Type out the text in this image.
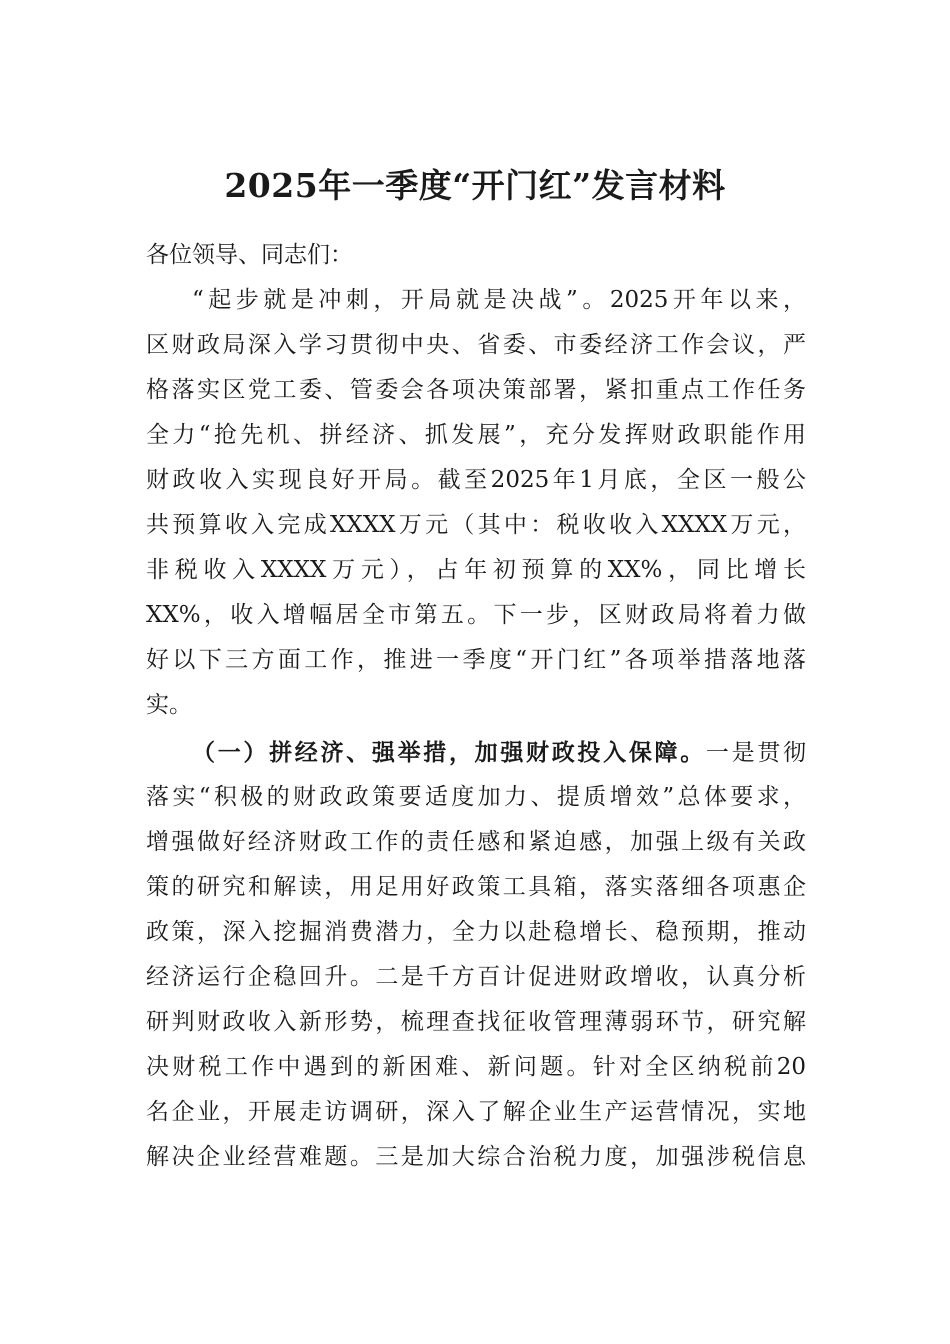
2025年一季度“开门红”发言材料
各位领导、同志们：
“起步就是冲刺，开局就是决战”。2025开年以来，
区财政局深入学习贯彻中央、省委、市委经济工作会议，严
格落实区党工委、管委会各项决策部署，紧扣重点工作任务
全力“抢先机、拼经济、抓发展”，充分发挥财政职能作用
财政收入实现良好开局。截至2025年1月底，全区一般公
共预算收入完成XXXX万元（其中：税收收入XXXX万元，
非税收入XXXX万元），占年初预算的XX%，同比增长
XX%，收入增幅居全市第五。下一步，区财政局将着力做
好以下三方面工作，推进一季度“开门红”各项举措落地落
实。
（一）拼经济、强举措，加强财政投入保障。一是贯彻
落实“积极的财政政策要适度加力、提质增效”总体要求，
增强做好经济财政工作的责任感和紧迫感，加强上级有关政
策的研究和解读，用足用好政策工具箱，落实落细各项惠企
政策，深入挖掘消费潜力，全力以赴稳增长、稳预期，推动
经济运行企稳回升。二是千方百计促进财政增收，认真分析
研判财政收入新形势，梳理查找征收管理薄弱环节，研究解
决财税工作中遇到的新困难、新问题。针对全区纳税前20
名企业，开展走访调研，深入了解企业生产运营情况，实地
解决企业经营难题。三是加大综合治税力度，加强涉税信息
